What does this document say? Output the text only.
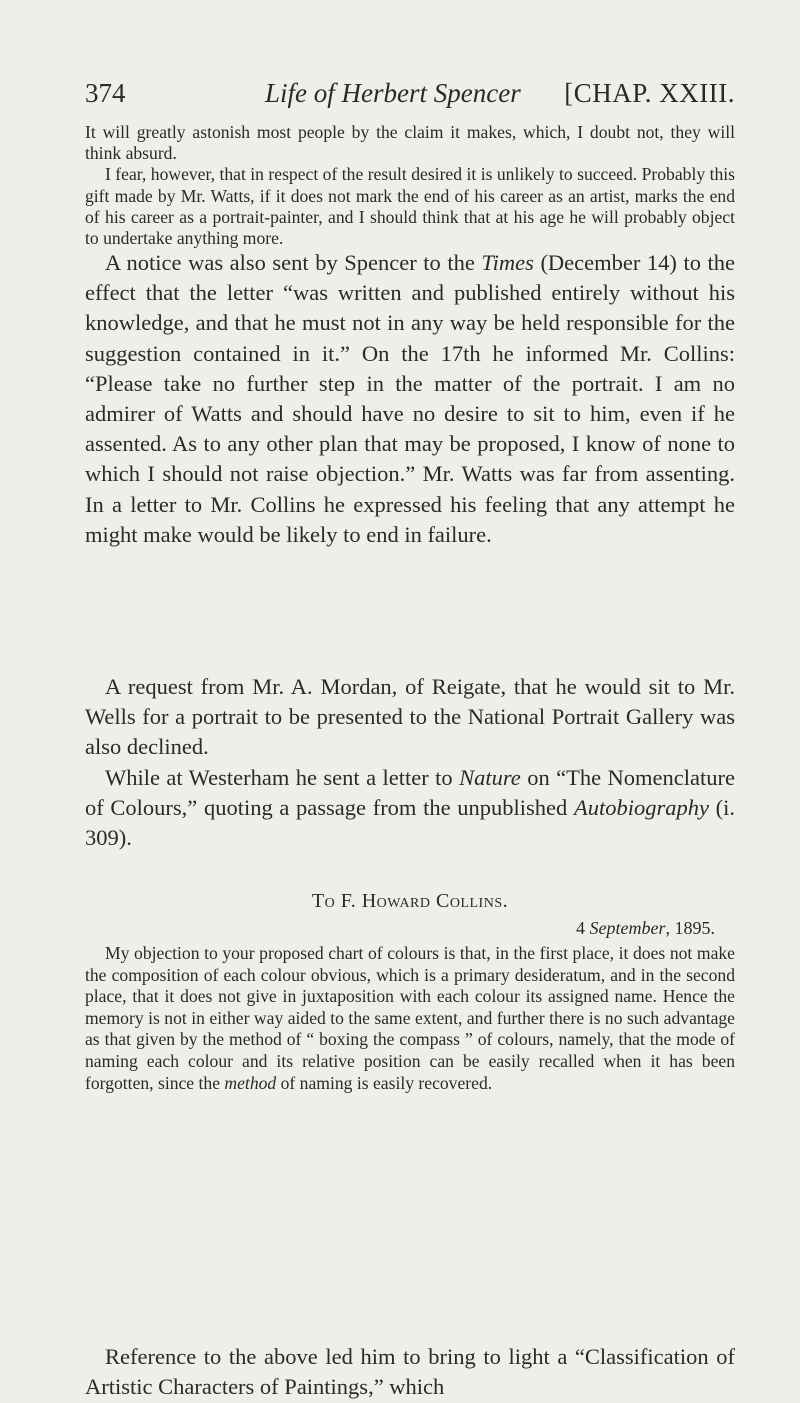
374	Life of Herbert Spencer [CHAP. XXIII.

It will greatly astonish most people by the claim it makes, which, I doubt not, they will think absurd.

I fear, however, that in respect of the result desired it is unlikely to succeed. Probably this gift made by Mr. Watts, if it does not mark the end of his career as an artist, marks the end of his career as a portrait-painter, and I should think that at his age he will probably object to undertake anything more.

A request from Mr. A. Mordan, of Reigate, that he would sit to Mr. Wells for a portrait to be presented to the National Portrait Gallery was also declined.

A notice was also sent by Spencer to the Times (December 14) to the effect that the letter “was written and published entirely without his knowledge, and that he must not in any way be held responsible for the suggestion contained in it.” On the 17th he informed Mr. Collins: “Please take no further step in the matter of the portrait. I am no admirer of Watts and should have no desire to sit to him, even if he assented. As to any other plan that may be proposed, I know of none to which I should not raise objection.” Mr. Watts was far from assenting. In a letter to Mr. Collins he expressed his feeling that any attempt he might make would be likely to end in failure.

While at Westerham he sent a letter to Nature on “The Nomenclature of Colours,” quoting a passage from the unpublished Autobiography (i. 309).

To F. Howard Collins.
4 September, 1895.

My objection to your proposed chart of colours is that, in the first place, it does not make the composition of each colour obvious, which is a primary desideratum, and in the second place, that it does not give in juxtaposition with each colour its assigned name. Hence the memory is not in either way aided to the same extent, and further there is no such advantage as that given by the method of “ boxing the compass ” of colours, namely, that the mode of naming each colour and its relative position can be easily recalled when it has been forgotten, since the method of naming is easily recovered.

Reference to the above led him to bring to light a “Classification of Artistic Characters of Paintings,” which
